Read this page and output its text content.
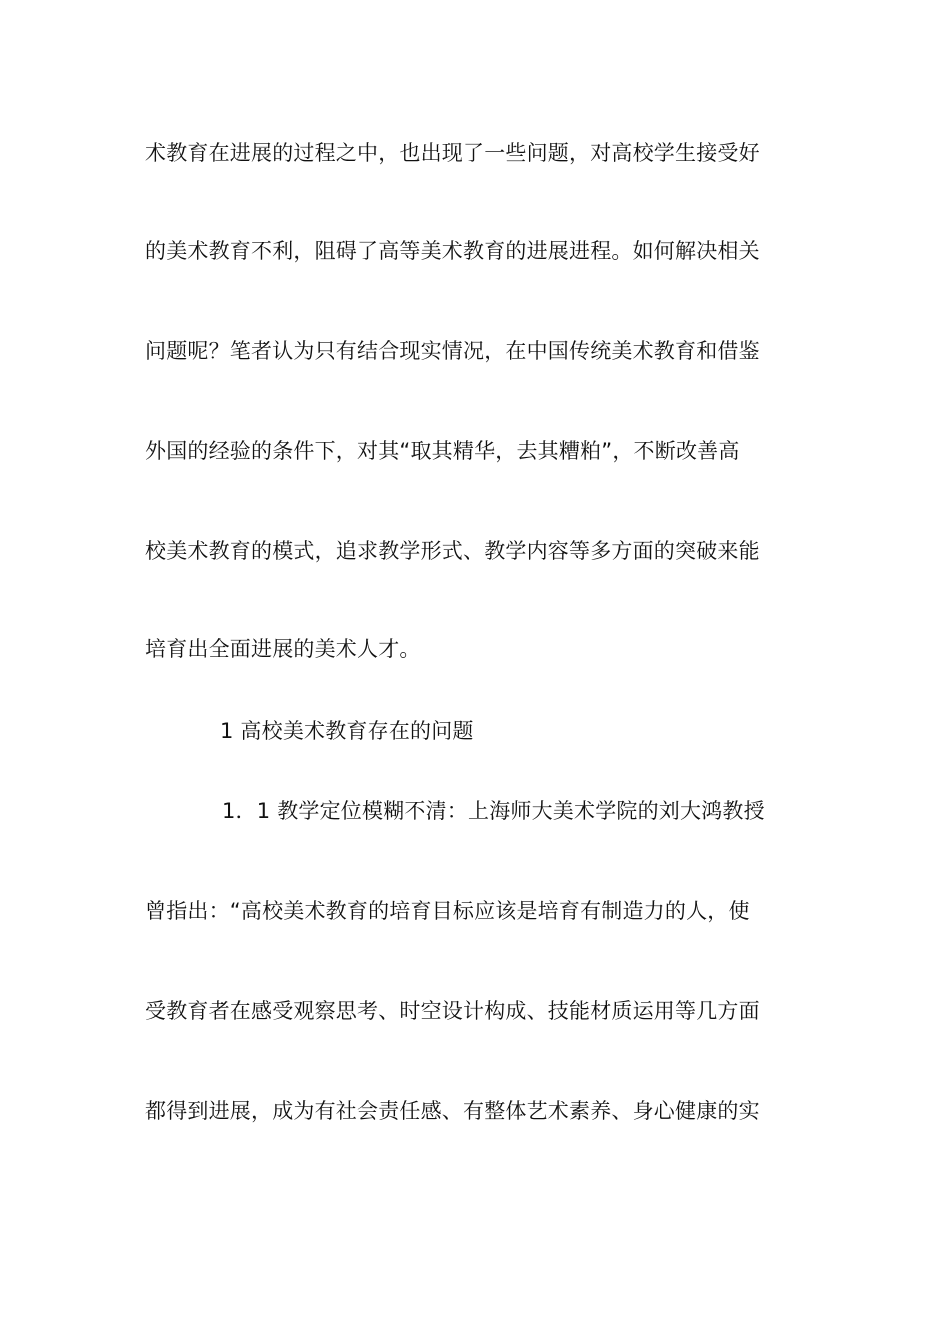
术教育在进展的过程之中，也出现了一些问题，对高校学生接受好
的美术教育不利，阻碍了高等美术教育的进展进程。如何解决相关
问题呢？笔者认为只有结合现实情况，在中国传统美术教育和借鉴
外国的经验的条件下，对其“取其精华，去其糟粕”，不断改善高
校美术教育的模式，追求教学形式、教学内容等多方面的突破来能
培育出全面进展的美术人才。
1 高校美术教育存在的问题
1．1 教学定位模糊不清：上海师大美术学院的刘大鸿教授
曾指出：“高校美术教育的培育目标应该是培育有制造力的人，使
受教育者在感受观察思考、时空设计构成、技能材质运用等几方面
都得到进展，成为有社会责任感、有整体艺术素养、身心健康的实
